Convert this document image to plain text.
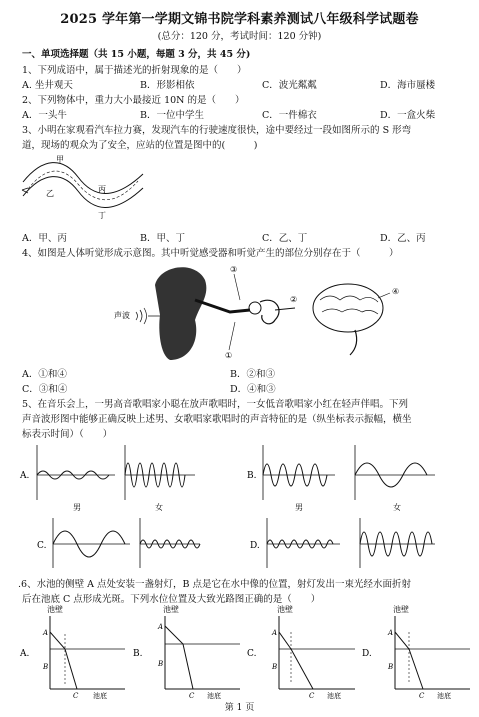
2025 学年第一学期文锦书院学科素养测试八年级科学试题卷
(总分：120 分，考试时间：120 分钟)
一、单项选择题（共 15 小题，每题 3 分，共 45 分)
1、下列成语中，属于描述光的折射现象的是（　　）
A. 坐井观天	B．形影相依	C．波光粼粼	D．海市蜃楼
2、下列物体中，重力大小最接近 10N 的是（　　）
A．一头牛	B．一位中学生	C．一件棉衣	D．一盒火柴
3、小明在家观看汽车拉力赛，发现汽车的行驶速度很快，途中要经过一段如图所示的 S 形弯
道，现场的观众为了安全，应站的位置是图中的(　　　)
甲
乙	丙
丁
A．甲、丙	B．甲、丁	C．乙、丁	D．乙、丙
4、如图是人体听觉形成示意图。其中听觉感受器和听觉产生的部位分别存在于（　　　）
声波
③
②
①
④
A．①和④	B．②和③
C．③和④	D．④和③
5、在音乐会上，一男高音歌唱家小聪在放声歌唱时，一女低音歌唱家小红在轻声伴唱。下列
声音波形图中能够正确反映上述男、女歌唱家歌唱时的声音特征的是（纵坐标表示振幅，横坐
标表示时间）（　　）
A.
男	女
B.
男	女
C.	D.
.6、水池的侧壁 A 点处安装一盏射灯，B 点是它在水中像的位置，射灯发出一束光经水面折射
后在池底 C 点形成光斑。下列水位位置及大致光路图正确的是（　　）
池壁
A.
A
B
C 池底
池壁
B.
A
B
C 池底
池壁
C.
A
B
C 池底
池壁
D.
A
B
C 池底
第 1 页
